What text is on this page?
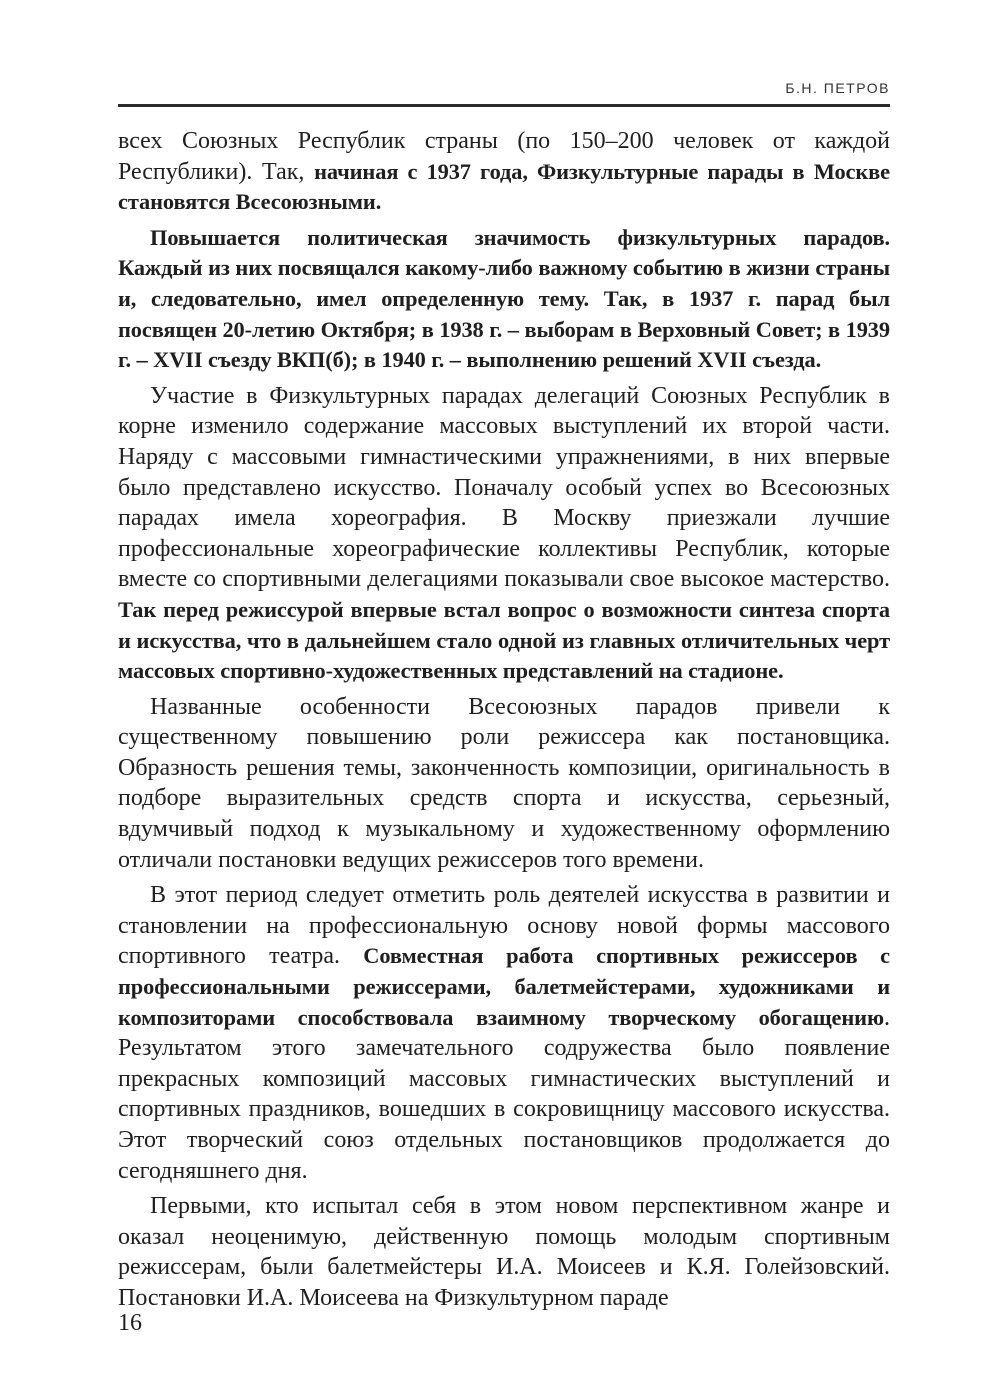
Б.Н. ПЕТРОВ

всех Союзных Республик страны (по 150–200 человек от каждой Республики). Так, начиная с 1937 года, Физкультурные парады в Москве становятся Всесоюзными.

Повышается политическая значимость физкультурных парадов. Каждый из них посвящался какому-либо важному событию в жизни страны и, следовательно, имел определенную тему. Так, в 1937 г. парад был посвящен 20-летию Октября; в 1938 г. – выборам в Верховный Совет; в 1939 г. – XVII съезду ВКП(б); в 1940 г. – выполнению решений XVII съезда.

Участие в Физкультурных парадах делегаций Союзных Республик в корне изменило содержание массовых выступлений их второй части. Наряду с массовыми гимнастическими упражнениями, в них впервые было представлено искусство. Поначалу особый успех во Всесоюзных парадах имела хореография. В Москву приезжали лучшие профессиональные хореографические коллективы Республик, которые вместе со спортивными делегациями показывали свое высокое мастерство. Так перед режиссурой впервые встал вопрос о возможности синтеза спорта и искусства, что в дальнейшем стало одной из главных отличительных черт массовых спортивно-художественных представлений на стадионе.

Названные особенности Всесоюзных парадов привели к существенному повышению роли режиссера как постановщика. Образность решения темы, законченность композиции, оригинальность в подборе выразительных средств спорта и искусства, серьезный, вдумчивый подход к музыкальному и художественному оформлению отличали постановки ведущих режиссеров того времени.

В этот период следует отметить роль деятелей искусства в развитии и становлении на профессиональную основу новой формы массового спортивного театра. Совместная работа спортивных режиссеров с профессиональными режиссерами, балетмейстерами, художниками и композиторами способствовала взаимному творческому обогащению. Результатом этого замечательного содружества было появление прекрасных композиций массовых гимнастических выступлений и спортивных праздников, вошедших в сокровищницу массового искусства. Этот творческий союз отдельных постановщиков продолжается до сегодняшнего дня.

Первыми, кто испытал себя в этом новом перспективном жанре и оказал неоценимую, действенную помощь молодым спортивным режиссерам, были балетмейстеры И.А. Моисеев и К.Я. Голейзовский. Постановки И.А. Моисеева на Физкультурном параде

16
